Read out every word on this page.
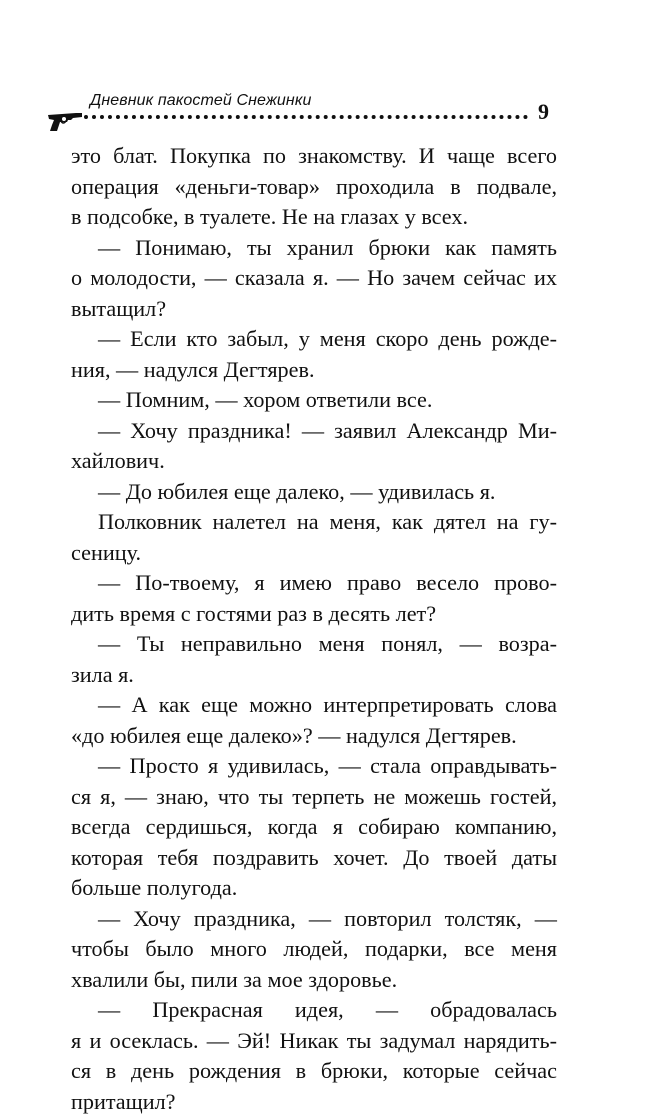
Дневник пакостей Снежинки	9
это блат. Покупка по знакомству. И чаще всего
операция «деньги-товар» проходила в подвале,
в подсобке, в туалете. Не на глазах у всех.
— Понимаю, ты хранил брюки как память
о молодости, — сказала я. — Но зачем сейчас их
вытащил?
— Если кто забыл, у меня скоро день рожде-
ния, — надулся Дегтярев.
— Помним, — хором ответили все.
— Хочу праздника! — заявил Александр Ми-
хайлович.
— До юбилея еще далеко, — удивилась я.
Полковник налетел на меня, как дятел на гу-
сеницу.
— По-твоему, я имею право весело прово-
дить время с гостями раз в десять лет?
— Ты неправильно меня понял, — возра-
зила я.
— А как еще можно интерпретировать слова
«до юбилея еще далеко»? — надулся Дегтярев.
— Просто я удивилась, — стала оправдывать-
ся я, — знаю, что ты терпеть не можешь гостей,
всегда сердишься, когда я собираю компанию,
которая тебя поздравить хочет. До твоей даты
больше полугода.
— Хочу праздника, — повторил толстяк, —
чтобы было много людей, подарки, все меня
хвалили бы, пили за мое здоровье.
— Прекрасная идея, — обрадовалась
я и осеклась. — Эй! Никак ты задумал нарядить-
ся в день рождения в брюки, которые сейчас
притащил?
